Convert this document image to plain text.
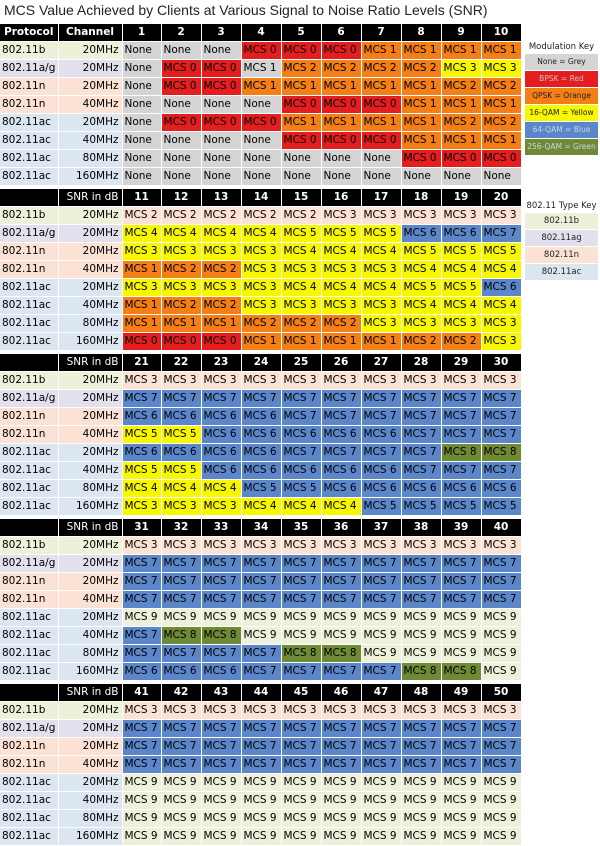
MCS Value Achieved by Clients at Various Signal to Noise Ratio Levels (SNR)
Protocol	Channel	1	2	3	4	5	6	7	8	9	10
802.11b	20MHz	None	None	None	MCS 0	MCS 0	MCS 0	MCS 1	MCS 1	MCS 1	MCS 1
802.11a/g	20MHz	None	MCS 0	MCS 0	MCS 1	MCS 2	MCS 2	MCS 2	MCS 2	MCS 3	MCS 3
802.11n	20MHz	None	MCS 0	MCS 0	MCS 1	MCS 1	MCS 1	MCS 1	MCS 1	MCS 2	MCS 2
802.11n	40MHz	None	None	None	None	MCS 0	MCS 0	MCS 0	MCS 1	MCS 1	MCS 1
802.11ac	20MHz	None	MCS 0	MCS 0	MCS 0	MCS 1	MCS 1	MCS 1	MCS 1	MCS 2	MCS 2
802.11ac	40MHz	None	None	None	None	MCS 0	MCS 0	MCS 0	MCS 1	MCS 1	MCS 1
802.11ac	80MHz	None	None	None	None	None	None	None	MCS 0	MCS 0	MCS 0
802.11ac	160MHz	None	None	None	None	None	None	None	None	None	None
	SNR in dB	11	12	13	14	15	16	17	18	19	20
802.11b	20MHz	MCS 2	MCS 2	MCS 2	MCS 2	MCS 2	MCS 3	MCS 3	MCS 3	MCS 3	MCS 3
802.11a/g	20MHz	MCS 4	MCS 4	MCS 4	MCS 4	MCS 5	MCS 5	MCS 5	MCS 6	MCS 6	MCS 7
802.11n	20MHz	MCS 3	MCS 3	MCS 3	MCS 3	MCS 4	MCS 4	MCS 4	MCS 5	MCS 5	MCS 5
802.11n	40MHz	MCS 1	MCS 2	MCS 2	MCS 3	MCS 3	MCS 3	MCS 3	MCS 4	MCS 4	MCS 4
802.11ac	20MHz	MCS 3	MCS 3	MCS 3	MCS 3	MCS 4	MCS 4	MCS 4	MCS 5	MCS 5	MCS 6
802.11ac	40MHz	MCS 1	MCS 2	MCS 2	MCS 3	MCS 3	MCS 3	MCS 3	MCS 4	MCS 4	MCS 4
802.11ac	80MHz	MCS 1	MCS 1	MCS 1	MCS 2	MCS 2	MCS 2	MCS 3	MCS 3	MCS 3	MCS 3
802.11ac	160MHz	MCS 0	MCS 0	MCS 0	MCS 1	MCS 1	MCS 1	MCS 1	MCS 2	MCS 2	MCS 3
	SNR in dB	21	22	23	24	25	26	27	28	29	30
802.11b	20MHz	MCS 3	MCS 3	MCS 3	MCS 3	MCS 3	MCS 3	MCS 3	MCS 3	MCS 3	MCS 3
802.11a/g	20MHz	MCS 7	MCS 7	MCS 7	MCS 7	MCS 7	MCS 7	MCS 7	MCS 7	MCS 7	MCS 7
802.11n	20MHz	MCS 6	MCS 6	MCS 6	MCS 6	MCS 7	MCS 7	MCS 7	MCS 7	MCS 7	MCS 7
802.11n	40MHz	MCS 5	MCS 5	MCS 6	MCS 6	MCS 6	MCS 6	MCS 6	MCS 7	MCS 7	MCS 7
802.11ac	20MHz	MCS 6	MCS 6	MCS 6	MCS 6	MCS 7	MCS 7	MCS 7	MCS 7	MCS 8	MCS 8
802.11ac	40MHz	MCS 5	MCS 5	MCS 6	MCS 6	MCS 6	MCS 6	MCS 6	MCS 7	MCS 7	MCS 7
802.11ac	80MHz	MCS 4	MCS 4	MCS 4	MCS 5	MCS 5	MCS 6	MCS 6	MCS 6	MCS 6	MCS 6
802.11ac	160MHz	MCS 3	MCS 3	MCS 3	MCS 4	MCS 4	MCS 4	MCS 5	MCS 5	MCS 5	MCS 5
	SNR in dB	31	32	33	34	35	36	37	38	39	40
802.11b	20MHz	MCS 3	MCS 3	MCS 3	MCS 3	MCS 3	MCS 3	MCS 3	MCS 3	MCS 3	MCS 3
802.11a/g	20MHz	MCS 7	MCS 7	MCS 7	MCS 7	MCS 7	MCS 7	MCS 7	MCS 7	MCS 7	MCS 7
802.11n	20MHz	MCS 7	MCS 7	MCS 7	MCS 7	MCS 7	MCS 7	MCS 7	MCS 7	MCS 7	MCS 7
802.11n	40MHz	MCS 7	MCS 7	MCS 7	MCS 7	MCS 7	MCS 7	MCS 7	MCS 7	MCS 7	MCS 7
802.11ac	20MHz	MCS 9	MCS 9	MCS 9	MCS 9	MCS 9	MCS 9	MCS 9	MCS 9	MCS 9	MCS 9
802.11ac	40MHz	MCS 7	MCS 8	MCS 8	MCS 9	MCS 9	MCS 9	MCS 9	MCS 9	MCS 9	MCS 9
802.11ac	80MHz	MCS 7	MCS 7	MCS 7	MCS 7	MCS 8	MCS 8	MCS 9	MCS 9	MCS 9	MCS 9
802.11ac	160MHz	MCS 6	MCS 6	MCS 6	MCS 7	MCS 7	MCS 7	MCS 7	MCS 8	MCS 8	MCS 9
	SNR in dB	41	42	43	44	45	46	47	48	49	50
802.11b	20MHz	MCS 3	MCS 3	MCS 3	MCS 3	MCS 3	MCS 3	MCS 3	MCS 3	MCS 3	MCS 3
802.11a/g	20MHz	MCS 7	MCS 7	MCS 7	MCS 7	MCS 7	MCS 7	MCS 7	MCS 7	MCS 7	MCS 7
802.11n	20MHz	MCS 7	MCS 7	MCS 7	MCS 7	MCS 7	MCS 7	MCS 7	MCS 7	MCS 7	MCS 7
802.11n	40MHz	MCS 7	MCS 7	MCS 7	MCS 7	MCS 7	MCS 7	MCS 7	MCS 7	MCS 7	MCS 7
802.11ac	20MHz	MCS 9	MCS 9	MCS 9	MCS 9	MCS 9	MCS 9	MCS 9	MCS 9	MCS 9	MCS 9
802.11ac	40MHz	MCS 9	MCS 9	MCS 9	MCS 9	MCS 9	MCS 9	MCS 9	MCS 9	MCS 9	MCS 9
802.11ac	80MHz	MCS 9	MCS 9	MCS 9	MCS 9	MCS 9	MCS 9	MCS 9	MCS 9	MCS 9	MCS 9
802.11ac	160MHz	MCS 9	MCS 9	MCS 9	MCS 9	MCS 9	MCS 9	MCS 9	MCS 9	MCS 9	MCS 9
Modulation Key
None = Grey
BPSK = Red
QPSK = Orange
16-QAM = Yellow
64-QAM = Blue
256-QAM = Green
802.11 Type Key
802.11b
802.11ag
802.11n
802.11ac
